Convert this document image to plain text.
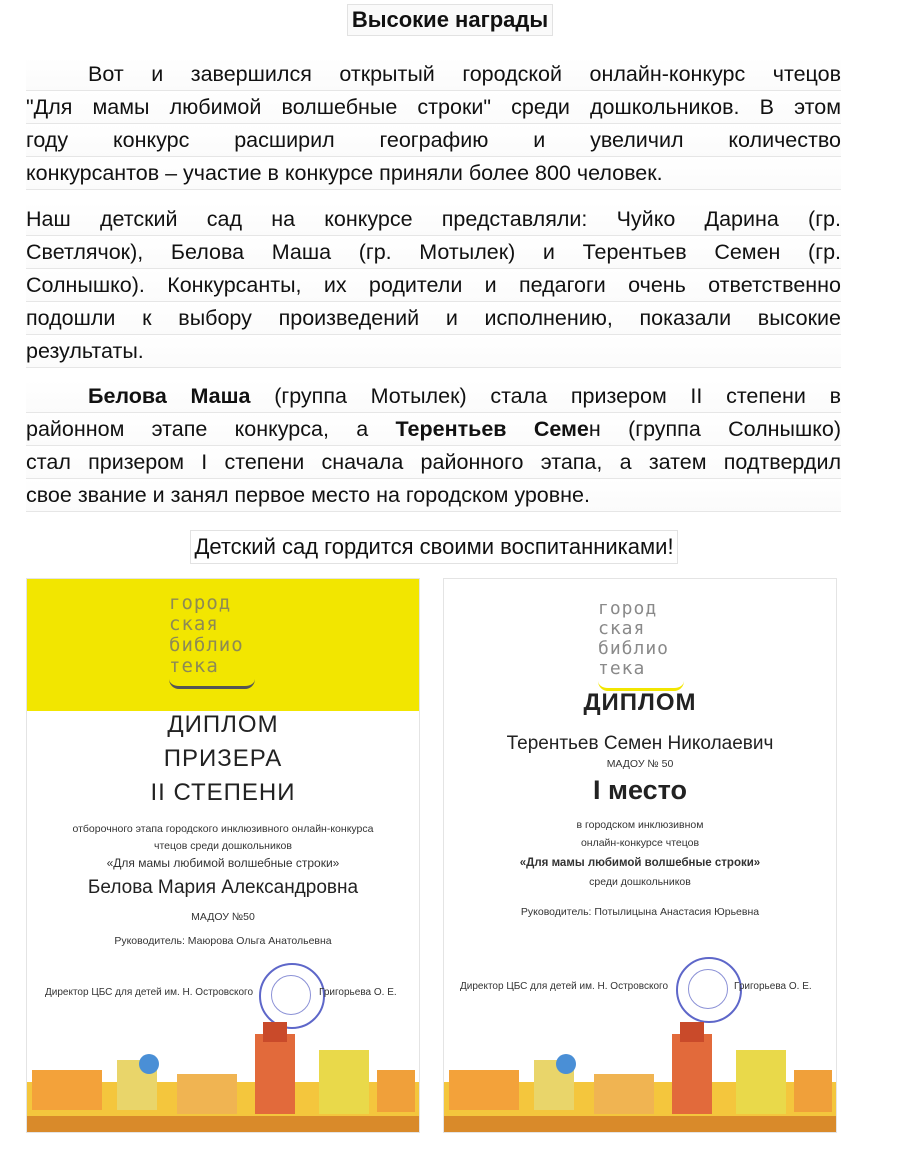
Высокие награды
Вот и завершился открытый городской онлайн-конкурс чтецов
"Для мамы любимой волшебные строки" среди дошкольников. В этом
году конкурс расширил географию и увеличил количество
конкурсантов – участие в конкурсе приняли более 800 человек.
Наш детский сад на конкурсе представляли: Чуйко Дарина (гр.
Светлячок), Белова Маша (гр. Мотылек) и Терентьев Семен (гр.
Солнышко). Конкурсанты, их родители и педагоги очень ответственно
подошли к выбору произведений и исполнению, показали высокие
результаты.
Белова Маша (группа Мотылек) стала призером II степени в
районном этапе конкурса, а Терентьев Семен (группа Солнышко)
стал призером I степени сначала районного этапа, а затем подтвердил
свое звание и занял первое место на городском уровне.
Детский сад гордится своими воспитанниками!
город
ская
библио
тека
ДИПЛОМ
ПРИЗЕРА
II СТЕПЕНИ
отборочного этапа городского инклюзивного онлайн-конкурса
чтецов среди дошкольников
«Для мамы любимой волшебные строки»
Белова Мария Александровна
МАДОУ №50
Руководитель: Маюрова Ольга Анатольевна
Директор ЦБС для детей им. Н. Островского	Григорьева О. Е.
город
ская
библио
тека
ДИПЛОМ
Терентьев Семен Николаевич
МАДОУ № 50
I место
в городском инклюзивном
онлайн-конкурсе чтецов
«Для мамы любимой волшебные строки»
среди дошкольников
Руководитель: Потылицына Анастасия Юрьевна
Директор ЦБС для детей им. Н. Островского	Григорьева О. Е.
